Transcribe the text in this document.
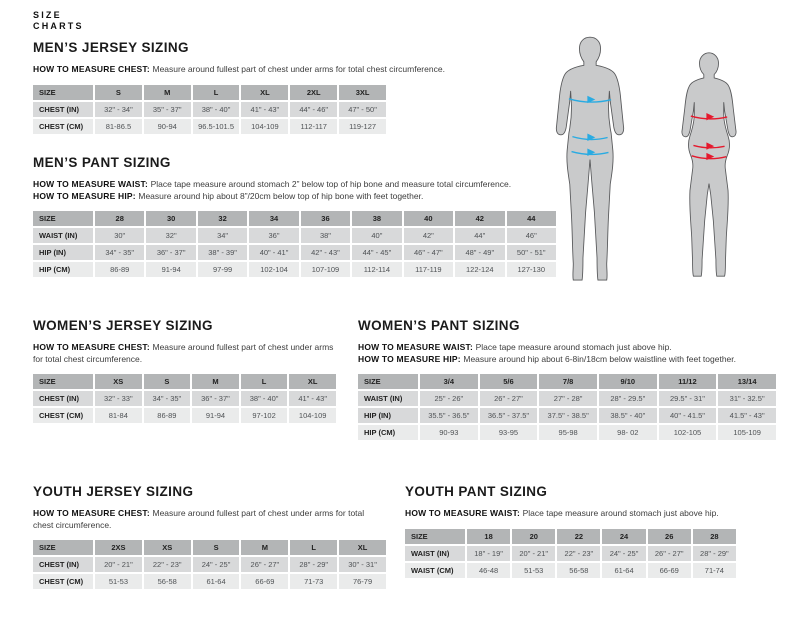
SIZE
CHARTS
MEN’S JERSEY SIZING
HOW TO MEASURE CHEST: Measure around fullest part of chest under arms for total chest circumference.
SIZE	S	M	L	XL	2XL	3XL
CHEST (IN)	32" - 34"	35" - 37"	38" - 40"	41" - 43"	44" - 46"	47" - 50"
CHEST (CM)	81-86.5	90-94	96.5-101.5	104-109	112-117	119-127
MEN’S PANT SIZING
HOW TO MEASURE WAIST: Place tape measure around stomach 2” below top of hip bone and measure total circumference.
HOW TO MEASURE HIP: Measure around hip about 8”/20cm below top of hip bone with feet together.
SIZE	28	30	32	34	36	38	40	42	44
WAIST (IN)	30"	32"	34"	36"	38"	40"	42"	44"	46"
HIP (IN)	34" - 35"	36" - 37"	38" - 39"	40" - 41"	42" - 43"	44" - 45"	46" - 47"	48" - 49"	50" - 51"
HIP (CM)	86-89	91-94	97-99	102-104	107-109	112-114	117-119	122-124	127-130
WOMEN’S JERSEY SIZING
HOW TO MEASURE CHEST: Measure around fullest part of chest under arms for total chest circumference.
SIZE	XS	S	M	L	XL
CHEST (IN)	32" - 33"	34" - 35"	36" - 37"	38" - 40"	41" - 43"
CHEST (CM)	81-84	86-89	91-94	97-102	104-109
WOMEN’S PANT SIZING
HOW TO MEASURE WAIST: Place tape measure around stomach just above hip.
HOW TO MEASURE HIP: Measure around hip about 6-8in/18cm below waistline with feet together.
SIZE	3/4	5/6	7/8	9/10	11/12	13/14
WAIST (IN)	25" - 26"	26" - 27"	27" - 28"	28" - 29.5"	29.5" - 31"	31" - 32.5"
HIP (IN)	35.5" - 36.5"	36.5" - 37.5"	37.5" - 38.5"	38.5" - 40"	40" - 41.5"	41.5" - 43"
HIP (CM)	90-93	93-95	95-98	98- 02	102-105	105-109
YOUTH JERSEY SIZING
HOW TO MEASURE CHEST: Measure around fullest part of chest under arms for total chest circumference.
SIZE	2XS	XS	S	M	L	XL
CHEST (IN)	20" - 21"	22" - 23"	24" - 25"	26" - 27"	28" - 29"	30" - 31"
CHEST (CM)	51-53	56-58	61-64	66-69	71-73	76-79
YOUTH PANT SIZING
HOW TO MEASURE WAIST: Place tape measure around stomach just above hip.
SIZE	18	20	22	24	26	28
WAIST (IN)	18" - 19"	20" - 21"	22" - 23"	24" - 25"	26" - 27"	28" - 29"
WAIST (CM)	46-48	51-53	56-58	61-64	66-69	71-74
